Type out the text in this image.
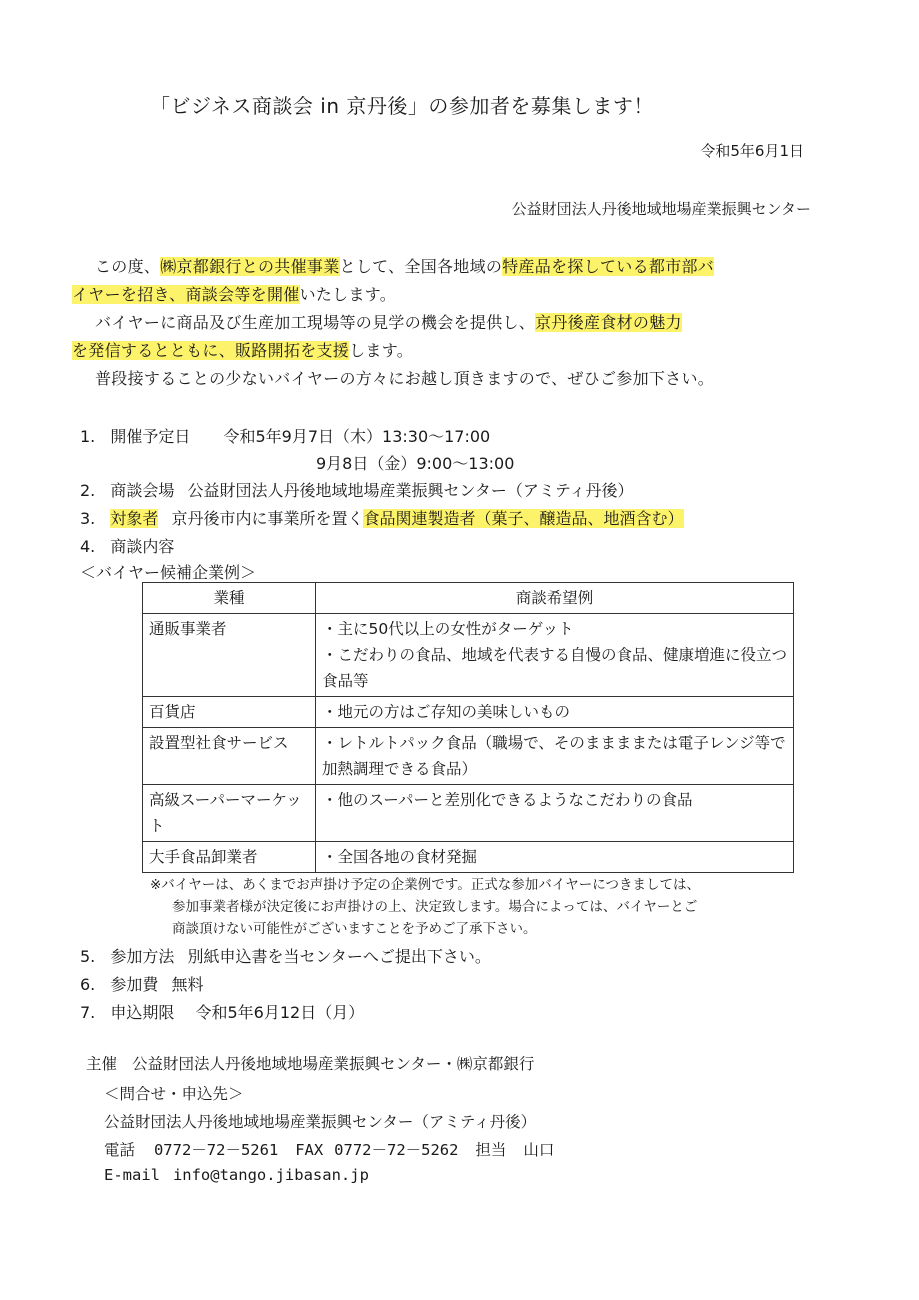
「ビジネス商談会 in 京丹後」の参加者を募集します！
令和5年6月1日
公益財団法人丹後地域地場産業振興センター
この度、㈱京都銀行との共催事業として、全国各地域の特産品を探している都市部バ
イヤーを招き、商談会等を開催いたします。
バイヤーに商品及び生産加工現場等の見学の機会を提供し、京丹後産食材の魅力
を発信するとともに、販路開拓を支援します。
普段接することの少ないバイヤーの方々にお越し頂きますので、ぜひご参加下さい。
1. 開催予定日 令和5年9月7日（木）13:30～17:00
9月8日（金）9:00～13:00
2. 商談会場 公益財団法人丹後地域地場産業振興センター（アミティ丹後）
3. 対象者 京丹後市内に事業所を置く食品関連製造者（菓子、醸造品、地酒含む）
4. 商談内容
＜バイヤー候補企業例＞
業種	商談希望例
通販事業者	・主に50代以上の女性がターゲット
・こだわりの食品、地域を代表する自慢の食品、健康増進に役立つ食品等

百貨店	・地元の方はご存知の美味しいもの

設置型社食サービス	・レトルトパック食品（職場で、そのままままたは電子レンジ等で加熱調理できる食品）

高級スーパーマーケット	・他のスーパーと差別化できるようなこだわりの食品

大手食品卸業者	・全国各地の食材発掘
※バイヤーは、あくまでお声掛け予定の企業例です。正式な参加バイヤーにつきましては、
参加事業者様が決定後にお声掛けの上、決定致します。場合によっては、バイヤーとご
商談頂けない可能性がございますことを予めご了承下さい。
5. 参加方法 別紙申込書を当センターへご提出下さい。
6. 参加費 無料
7. 申込期限 令和5年6月12日（月）
主催 公益財団法人丹後地域地場産業振興センター・㈱京都銀行
＜問合せ・申込先＞
公益財団法人丹後地域地場産業振興センター（アミティ丹後）
電話 0772－72－5261 FAX 0772－72－5262 担当 山口
E-mail info@tango.jibasan.jp
